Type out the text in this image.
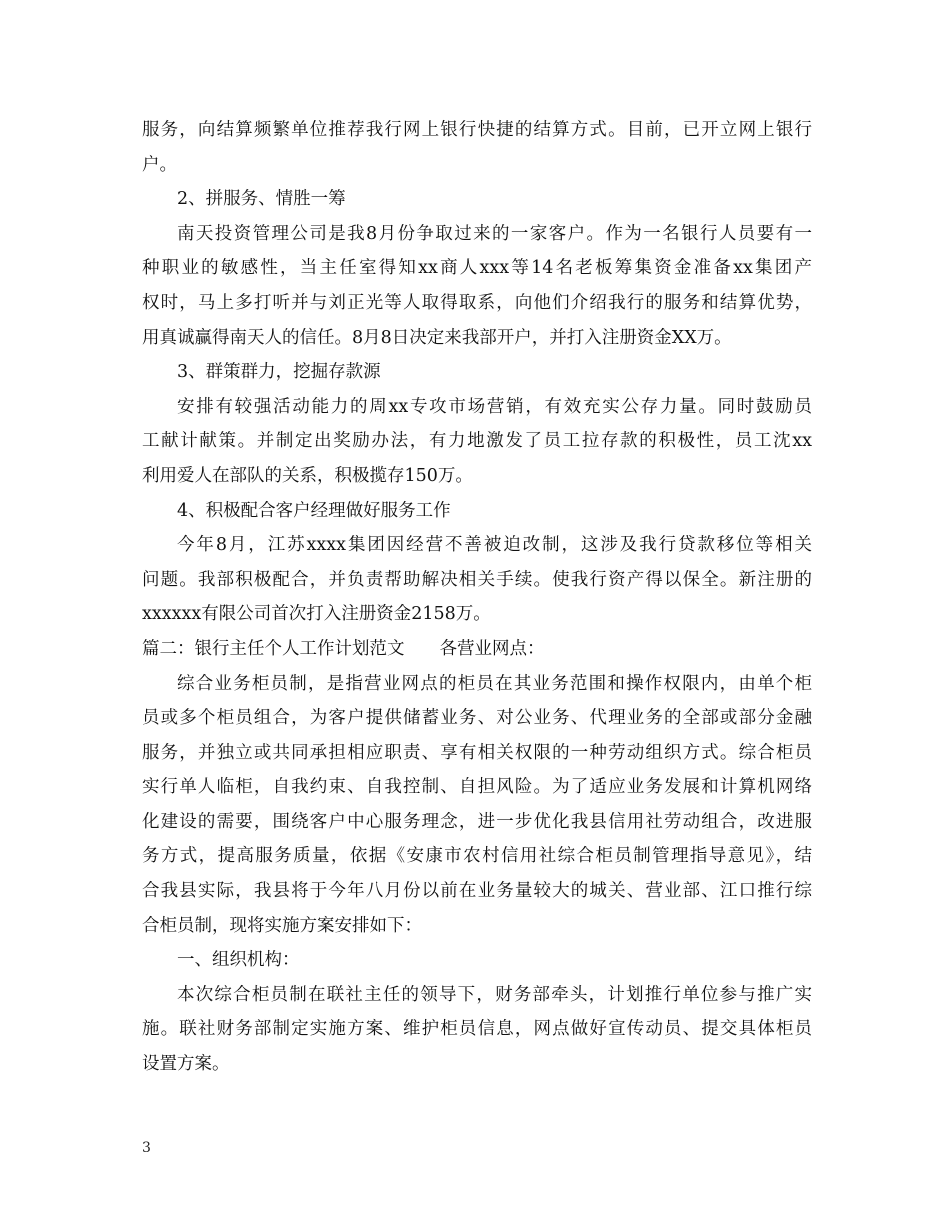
服务，向结算频繁单位推荐我行网上银行快捷的结算方式。目前，已开立网上银行
户。
2、拼服务、情胜一筹
南天投资管理公司是我8月份争取过来的一家客户。作为一名银行人员要有一
种职业的敏感性，当主任室得知xx商人xxx等14名老板筹集资金准备xx集团产
权时，马上多打听并与刘正光等人取得取系，向他们介绍我行的服务和结算优势，
用真诚赢得南天人的信任。8月8日决定来我部开户，并打入注册资金XX万。
3、群策群力，挖掘存款源
安排有较强活动能力的周xx专攻市场营销，有效充实公存力量。同时鼓励员
工献计献策。并制定出奖励办法，有力地激发了员工拉存款的积极性，员工沈xx
利用爱人在部队的关系，积极揽存150万。
4、积极配合客户经理做好服务工作
今年8月，江苏xxxx集团因经营不善被迫改制，这涉及我行贷款移位等相关
问题。我部积极配合，并负责帮助解决相关手续。使我行资产得以保全。新注册的
xxxxxx有限公司首次打入注册资金2158万。
篇二：银行主任个人工作计划范文　　各营业网点：
综合业务柜员制，是指营业网点的柜员在其业务范围和操作权限内，由单个柜
员或多个柜员组合，为客户提供储蓄业务、对公业务、代理业务的全部或部分金融
服务，并独立或共同承担相应职责、享有相关权限的一种劳动组织方式。综合柜员
实行单人临柜，自我约束、自我控制、自担风险。为了适应业务发展和计算机网络
化建设的需要，围绕客户中心服务理念，进一步优化我县信用社劳动组合，改进服
务方式，提高服务质量，依据《安康市农村信用社综合柜员制管理指导意见》，结
合我县实际，我县将于今年八月份以前在业务量较大的城关、营业部、江口推行综
合柜员制，现将实施方案安排如下：
一、组织机构：
本次综合柜员制在联社主任的领导下，财务部牵头，计划推行单位参与推广实
施。联社财务部制定实施方案、维护柜员信息，网点做好宣传动员、提交具体柜员
设置方案。
3
